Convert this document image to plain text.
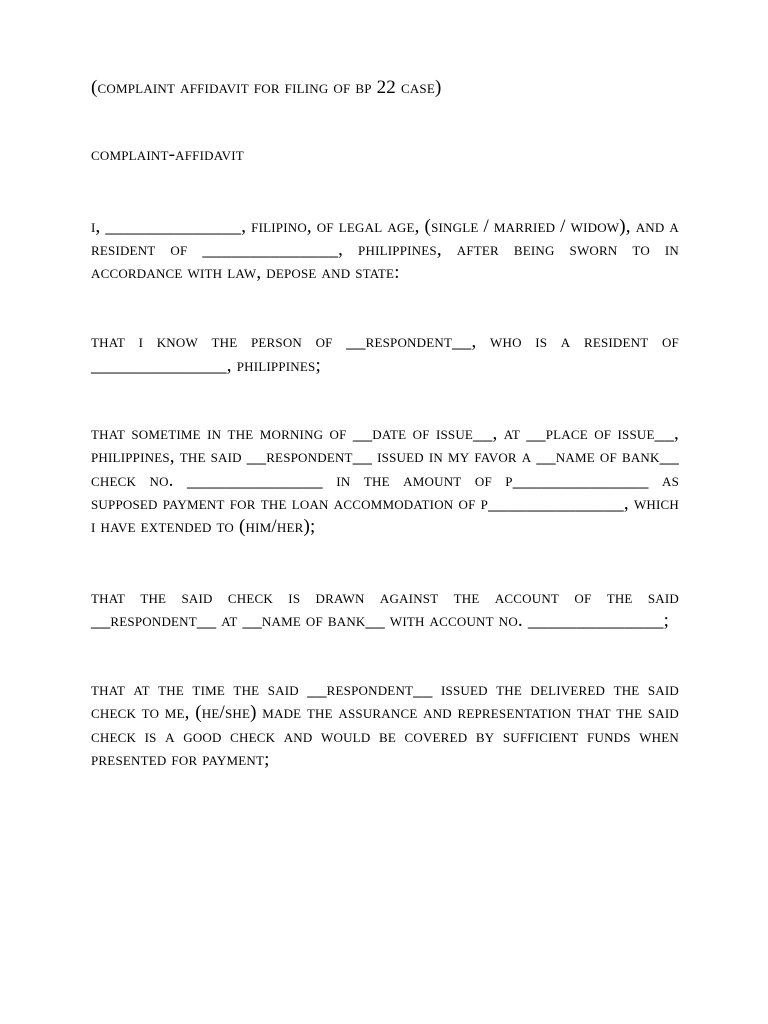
(complaint affidavit for filing of bp 22 case)
complaint-affidavit
i, ______________, filipino, of legal age, (single / married / widow), and a resident of ______________, philippines, after being sworn to in accordance with law, depose and state:
that i know the person of __respondent__, who is a resident of ______________, philippines;
that sometime in the morning of __date of issue__, at __place of issue__, philippines, the said __respondent__ issued in my favor a __name of bank__ check no. ______________ in the amount of p______________ as supposed payment for the loan accommodation of p______________, which i have extended to (him/her);
that the said check is drawn against the account of the said __respondent__ at __name of bank__ with account no. ______________;
that at the time the said __respondent__ issued the delivered the said check to me, (he/she) made the assurance and representation that the said check is a good check and would be covered by sufficient funds when presented for payment;
